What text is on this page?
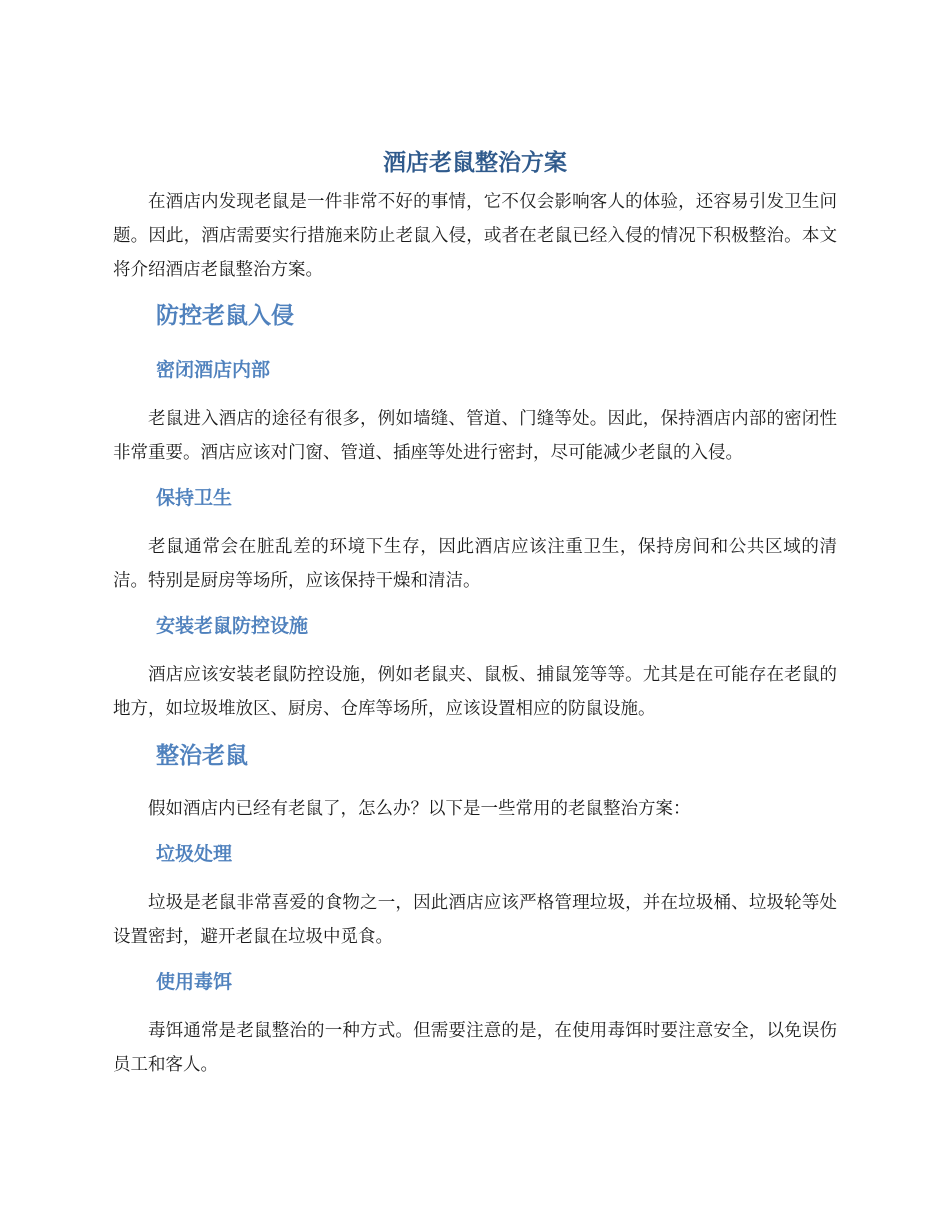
酒店老鼠整治方案

在酒店内发现老鼠是一件非常不好的事情，它不仅会影响客人的体验，还容易引发卫生问题。因此，酒店需要实行措施来防止老鼠入侵，或者在老鼠已经入侵的情况下积极整治。本文将介绍酒店老鼠整治方案。

防控老鼠入侵
密闭酒店内部

老鼠进入酒店的途径有很多，例如墙缝、管道、门缝等处。因此，保持酒店内部的密闭性非常重要。酒店应该对门窗、管道、插座等处进行密封，尽可能减少老鼠的入侵。

保持卫生

老鼠通常会在脏乱差的环境下生存，因此酒店应该注重卫生，保持房间和公共区域的清洁。特别是厨房等场所，应该保持干燥和清洁。

安装老鼠防控设施

酒店应该安装老鼠防控设施，例如老鼠夹、鼠板、捕鼠笼等等。尤其是在可能存在老鼠的地方，如垃圾堆放区、厨房、仓库等场所，应该设置相应的防鼠设施。

整治老鼠

假如酒店内已经有老鼠了，怎么办？以下是一些常用的老鼠整治方案：

垃圾处理

垃圾是老鼠非常喜爱的食物之一，因此酒店应该严格管理垃圾，并在垃圾桶、垃圾轮等处设置密封，避开老鼠在垃圾中觅食。

使用毒饵

毒饵通常是老鼠整治的一种方式。但需要注意的是，在使用毒饵时要注意安全，以免误伤员工和客人。
